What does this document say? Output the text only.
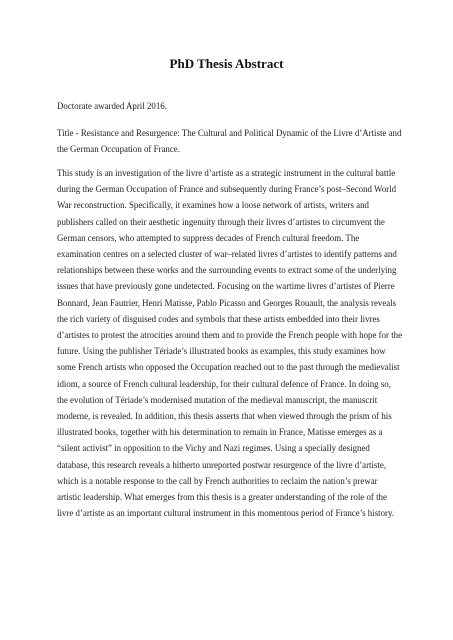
PhD Thesis Abstract

Doctorate awarded April 2016.

Title - Resistance and Resurgence: The Cultural and Political Dynamic of the Livre d’Artiste and the German Occupation of France.

This study is an investigation of the livre d’artiste as a strategic instrument in the cultural battle during the German Occupation of France and subsequently during France’s post–Second World War reconstruction. Specifically, it examines how a loose network of artists, writers and publishers called on their aesthetic ingenuity through their livres d’artistes to circumvent the German censors, who attempted to suppress decades of French cultural freedom. The examination centres on a selected cluster of war–related livres d’artistes to identify patterns and relationships between these works and the surrounding events to extract some of the underlying issues that have previously gone undetected. Focusing on the wartime livres d’artistes of Pierre Bonnard, Jean Fautrier, Henri Matisse, Pablo Picasso and Georges Rouault, the analysis reveals the rich variety of disguised codes and symbols that these artists embedded into their livres d’artistes to protest the atrocities around them and to provide the French people with hope for the future. Using the publisher Tériade’s illustrated books as examples, this study examines how some French artists who opposed the Occupation reached out to the past through the medievalist idiom, a source of French cultural leadership, for their cultural defence of France. In doing so, the evolution of Tériade’s modernised mutation of the medieval manuscript, the manuscrit moderne, is revealed. In addition, this thesis asserts that when viewed through the prism of his illustrated books, together with his determination to remain in France, Matisse emerges as a “silent activist” in opposition to the Vichy and Nazi regimes. Using a specially designed database, this research reveals a hitherto unreported postwar resurgence of the livre d’artiste, which is a notable response to the call by French authorities to reclaim the nation’s prewar artistic leadership. What emerges from this thesis is a greater understanding of the role of the livre d’artiste as an important cultural instrument in this momentous period of France’s history.
